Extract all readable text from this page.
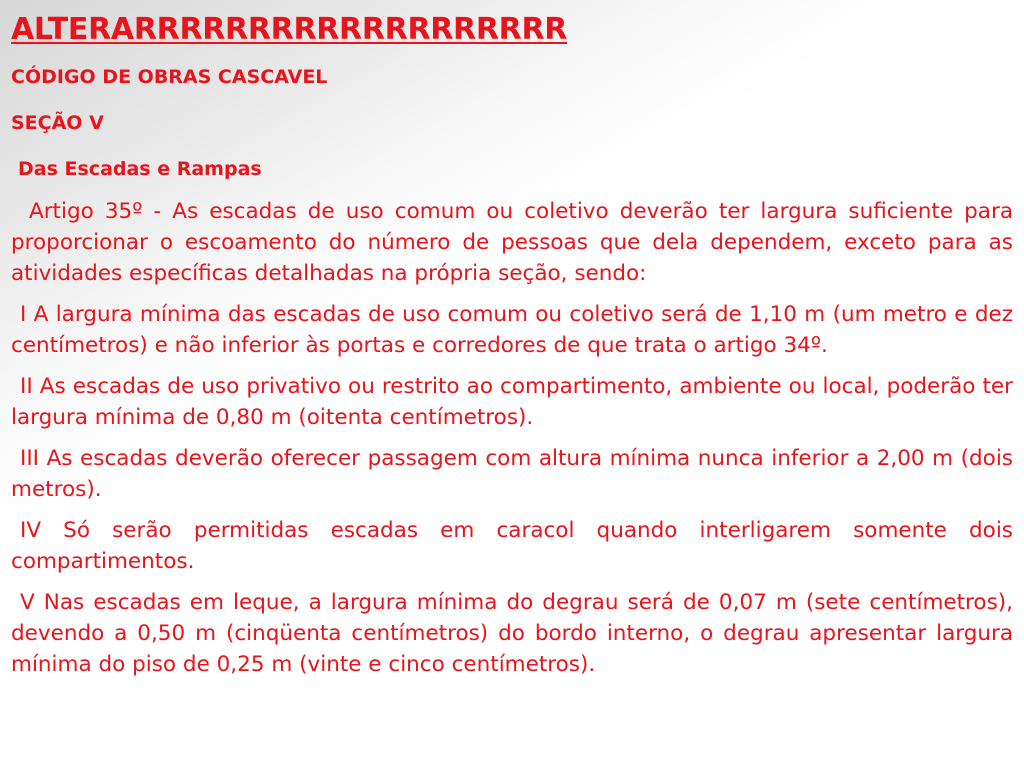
ALTERARRRRRRRRRRRRRRRRRRR
CÓDIGO DE OBRAS CASCAVEL
SEÇÃO V
Das Escadas e Rampas

Artigo 35º - As escadas de uso comum ou coletivo deverão ter largura suficiente para proporcionar o escoamento do número de pessoas que dela dependem, exceto para as atividades específicas detalhadas na própria seção, sendo:

I A largura mínima das escadas de uso comum ou coletivo será de 1,10 m (um metro e dez centímetros) e não inferior às portas e corredores de que trata o artigo 34º.

II As escadas de uso privativo ou restrito ao compartimento, ambiente ou local, poderão ter largura mínima de 0,80 m (oitenta centímetros).

III As escadas deverão oferecer passagem com altura mínima nunca inferior a 2,00 m (dois metros).

IV Só serão permitidas escadas em caracol quando interligarem somente dois compartimentos.

V Nas escadas em leque, a largura mínima do degrau será de 0,07 m (sete centímetros), devendo a 0,50 m (cinqüenta centímetros) do bordo interno, o degrau apresentar largura mínima do piso de 0,25 m (vinte e cinco centímetros).
